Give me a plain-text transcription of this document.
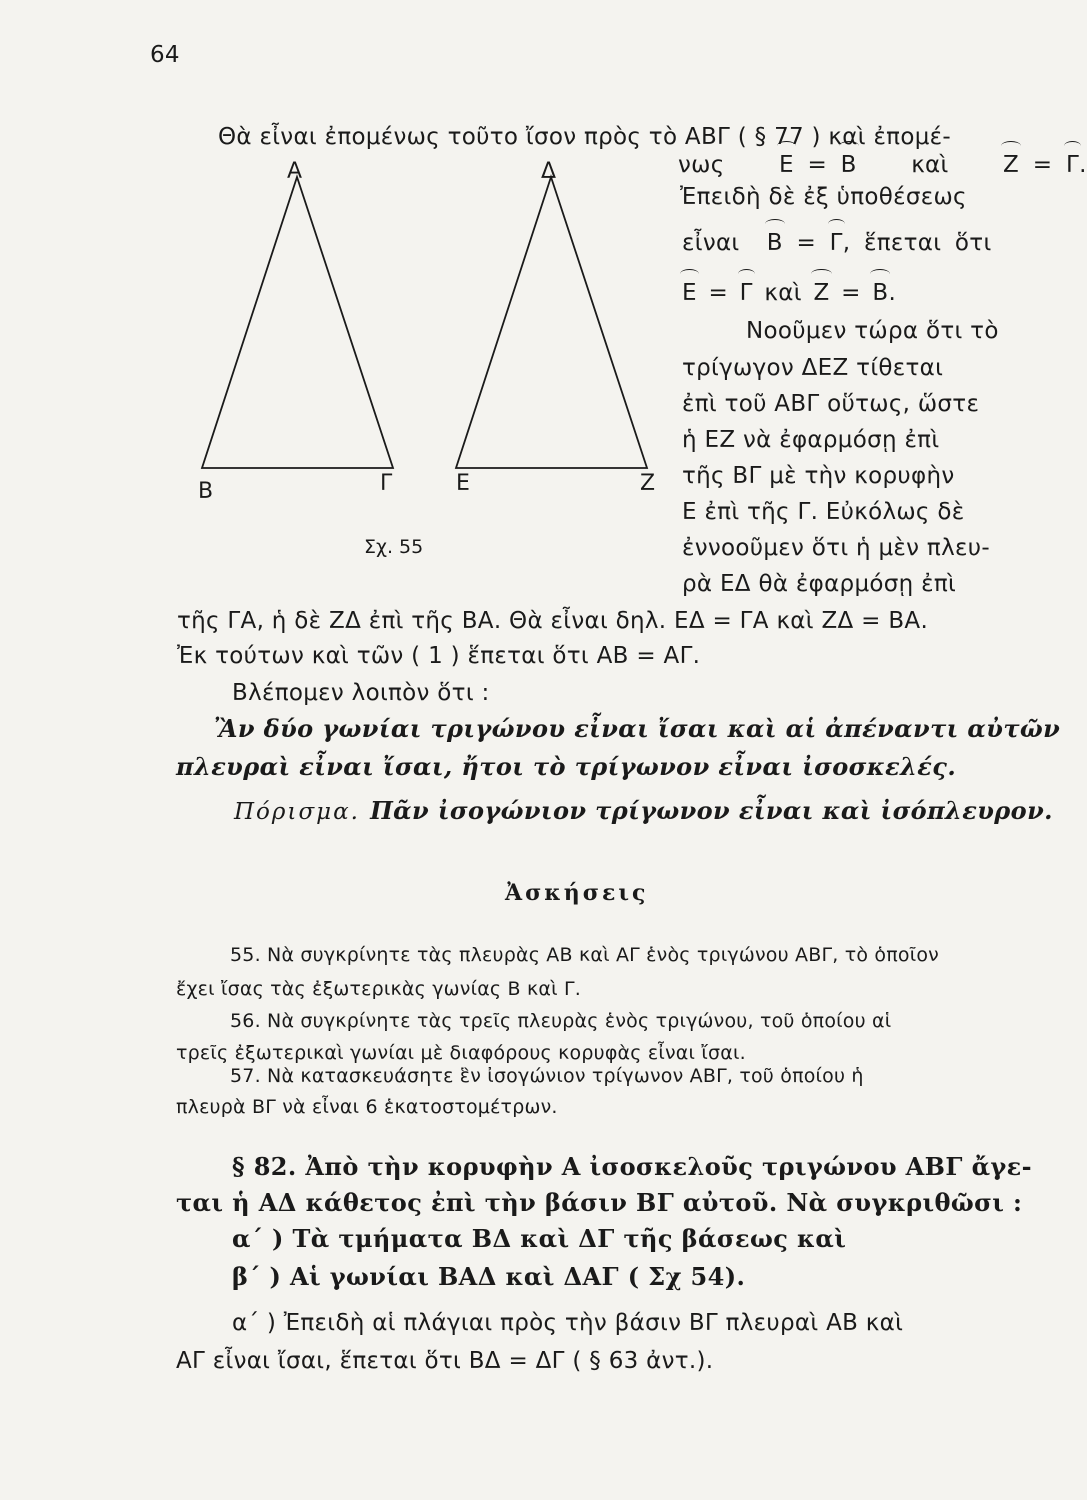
64
Θὰ εἶναι ἐπομένως τοῦτο ἴσον πρὸς τὸ ΑΒΓ ( § 77 ) καὶ ἐπομέ-
νως Ε = Β καὶ Ζ = Γ.
Ἐπειδὴ δὲ ἐξ ὑποθέσεως
εἶναι Β = Γ, ἕπεται ὅτι
Ε = Γ καὶ Ζ = Β.
Νοοῦμεν τώρα ὅτι τὸ
τρίγωγον ΔΕΖ τίθεται
ἐπὶ τοῦ ΑΒΓ οὕτως, ὥστε
ἡ ΕΖ νὰ ἐφαρμόσῃ ἐπὶ
τῆς ΒΓ μὲ τὴν κορυφὴν
Ε ἐπὶ τῆς Γ. Εὐκόλως δὲ
ἐννοοῦμεν ὅτι ἡ μὲν πλευ-
ρὰ ΕΔ θὰ ἐφαρμόσῃ ἐπὶ
Α
Β	Γ
Δ
Ε	Ζ
Σχ. 55
τῆς ΓΑ, ἡ δὲ ΖΔ ἐπὶ τῆς ΒΑ. Θὰ εἶναι δηλ. ΕΔ = ΓΑ καὶ ΖΔ = ΒΑ.
Ἐκ τούτων καὶ τῶν ( 1 ) ἕπεται ὅτι ΑΒ = ΑΓ.
Βλέπομεν λοιπὸν ὅτι :
Ἂν δύο γωνίαι τριγώνου εἶναι ἴσαι καὶ αἱ ἀπέναντι αὐτῶν
πλευραὶ εἶναι ἴσαι, ἤτοι τὸ τρίγωνον εἶναι ἰσοσκελές.
Πόρισμα. Πᾶν ἰσογώνιον τρίγωνον εἶναι καὶ ἰσόπλευρον.
Ἀσκήσεις
55. Νὰ συγκρίνητε τὰς πλευρὰς ΑΒ καὶ ΑΓ ἑνὸς τριγώνου ΑΒΓ, τὸ ὁποῖον
ἔχει ἴσας τὰς ἐξωτερικὰς γωνίας Β καὶ Γ.
56. Νὰ συγκρίνητε τὰς τρεῖς πλευρὰς ἑνὸς τριγώνου, τοῦ ὁποίου αἱ
τρεῖς ἐξωτερικαὶ γωνίαι μὲ διαφόρους κορυφὰς εἶναι ἴσαι.
57. Νὰ κατασκευάσητε ἓν ἰσογώνιον τρίγωνον ΑΒΓ, τοῦ ὁποίου ἡ
πλευρὰ ΒΓ νὰ εἶναι 6 ἑκατοστομέτρων.
§ 82. Ἀπὸ τὴν κορυφὴν Α ἰσοσκελοῦς τριγώνου ΑΒΓ ἄγε-
ται ἡ ΑΔ κάθετος ἐπὶ τὴν βάσιν ΒΓ αὐτοῦ. Νὰ συγκριθῶσι :
α΄ ) Τὰ τμήματα ΒΔ καὶ ΔΓ τῆς βάσεως καὶ
β΄ ) Αἱ γωνίαι ΒΑΔ καὶ ΔΑΓ ( Σχ 54).
α΄ ) Ἐπειδὴ αἱ πλάγιαι πρὸς τὴν βάσιν ΒΓ πλευραὶ ΑΒ καὶ
ΑΓ εἶναι ἴσαι, ἕπεται ὅτι ΒΔ = ΔΓ ( § 63 ἀντ.).
